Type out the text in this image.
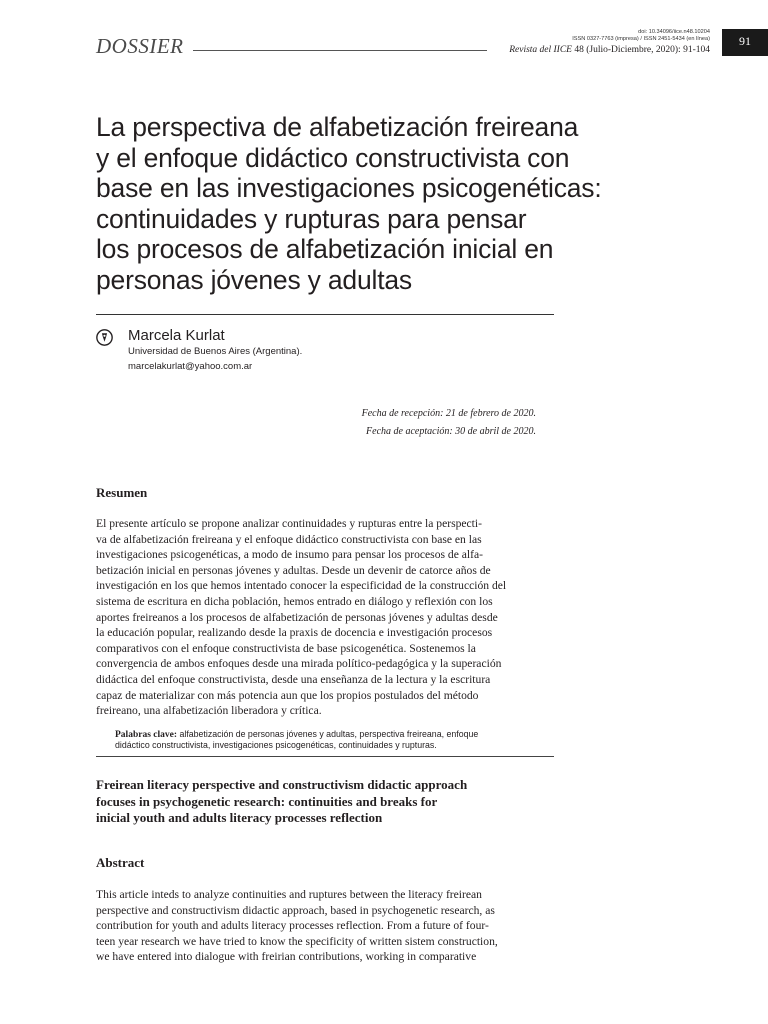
DOSSIER
doi: 10.34096/iice.n48.10204
ISSN 0327-7763 (impresa) / ISSN 2451-5434 (en línea)
Revista del IICE 48 (Julio-Diciembre, 2020): 91-104
91
La perspectiva de alfabetización freireana
y el enfoque didáctico constructivista con
base en las investigaciones psicogenéticas:
continuidades y rupturas para pensar
los procesos de alfabetización inicial en
personas jóvenes y adultas
Marcela Kurlat
Universidad de Buenos Aires (Argentina).
marcelakurlat@yahoo.com.ar
Fecha de recepción: 21 de febrero de 2020.
Fecha de aceptación: 30 de abril de 2020.
Resumen
El presente artículo se propone analizar continuidades y rupturas entre la perspecti-
va de alfabetización freireana y el enfoque didáctico constructivista con base en las
investigaciones psicogenéticas, a modo de insumo para pensar los procesos de alfa-
betización inicial en personas jóvenes y adultas. Desde un devenir de catorce años de
investigación en los que hemos intentado conocer la especificidad de la construcción del
sistema de escritura en dicha población, hemos entrado en diálogo y reflexión con los
aportes freireanos a los procesos de alfabetización de personas jóvenes y adultas desde
la educación popular, realizando desde la praxis de docencia e investigación procesos
comparativos con el enfoque constructivista de base psicogenética. Sostenemos la
convergencia de ambos enfoques desde una mirada político-pedagógica y la superación
didáctica del enfoque constructivista, desde una enseñanza de la lectura y la escritura
capaz de materializar con más potencia aun que los propios postulados del método
freireano, una alfabetización liberadora y crítica.
Palabras clave: alfabetización de personas jóvenes y adultas, perspectiva freireana, enfoque
didáctico constructivista, investigaciones psicogenéticas, continuidades y rupturas.
Freirean literacy perspective and constructivism didactic approach
focuses in psychogenetic research: continuities and breaks for
inicial youth and adults literacy processes reflection
Abstract
This article inteds to analyze continuities and ruptures between the literacy freirean
perspective and constructivism didactic approach, based in psychogenetic research, as
contribution for youth and adults literacy processes reflection. From a future of four-
teen year research we have tried to know the specificity of written sistem construction,
we have entered into dialogue with freirian contributions, working in comparative
